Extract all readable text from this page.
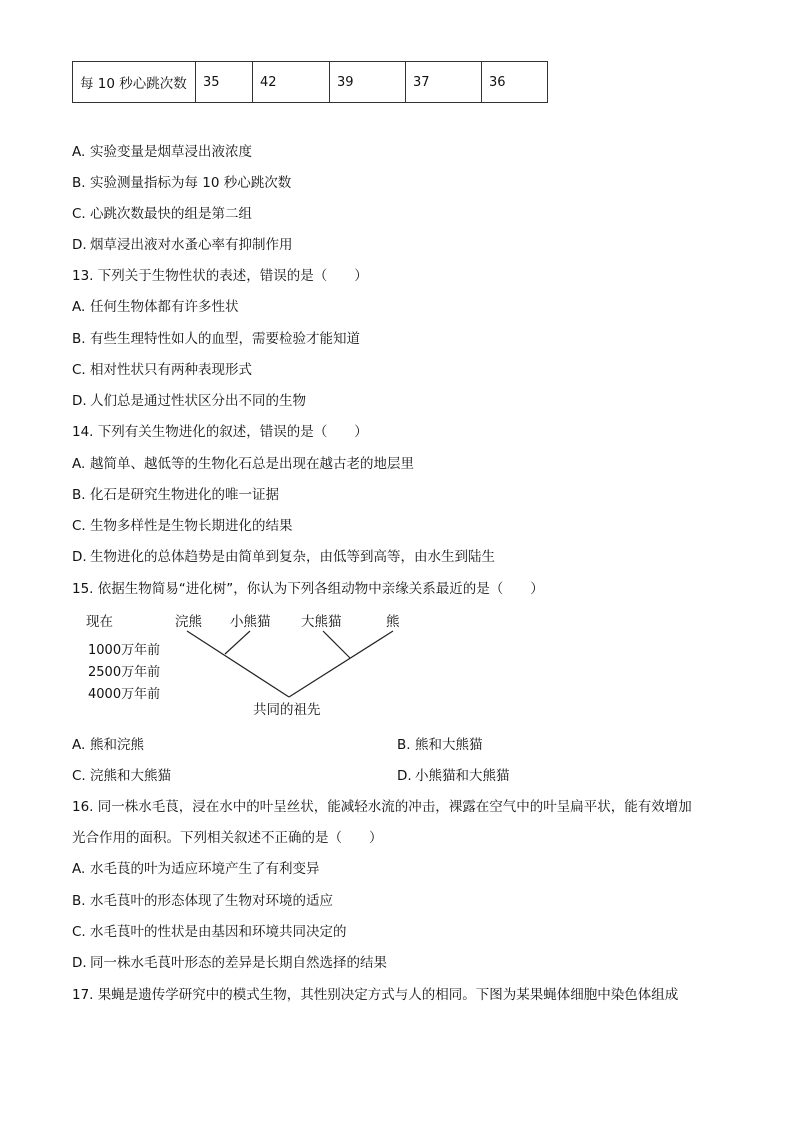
每 10 秒心跳次数	35	42	39	37	36
A. 实验变量是烟草浸出液浓度
B. 实验测量指标为每 10 秒心跳次数
C. 心跳次数最快的组是第二组
D. 烟草浸出液对水蚤心率有抑制作用
13. 下列关于生物性状的表述，错误的是（　　）
A. 任何生物体都有许多性状
B. 有些生理特性如人的血型，需要检验才能知道
C. 相对性状只有两种表现形式
D. 人们总是通过性状区分出不同的生物
14. 下列有关生物进化的叙述，错误的是（　　）
A. 越简单、越低等的生物化石总是出现在越古老的地层里
B. 化石是研究生物进化的唯一证据
C. 生物多样性是生物长期进化的结果
D. 生物进化的总体趋势是由简单到复杂，由低等到高等，由水生到陆生
15. 依据生物简易“进化树”，你认为下列各组动物中亲缘关系最近的是（　　）
现在
1000万年前
2500万年前
4000万年前
浣熊 小熊猫 大熊猫	熊
共同的祖先
A. 熊和浣熊	B. 熊和大熊猫
C. 浣熊和大熊猫	D. 小熊猫和大熊猫
16. 同一株水毛茛，浸在水中的叶呈丝状，能减轻水流的冲击，裸露在空气中的叶呈扁平状，能有效增加
光合作用的面积。下列相关叙述不正确的是（　　）
A. 水毛茛的叶为适应环境产生了有利变异
B. 水毛茛叶的形态体现了生物对环境的适应
C. 水毛茛叶的性状是由基因和环境共同决定的
D. 同一株水毛茛叶形态的差异是长期自然选择的结果
17. 果蝇是遗传学研究中的模式生物，其性别决定方式与人的相同。下图为某果蝇体细胞中染色体组成
